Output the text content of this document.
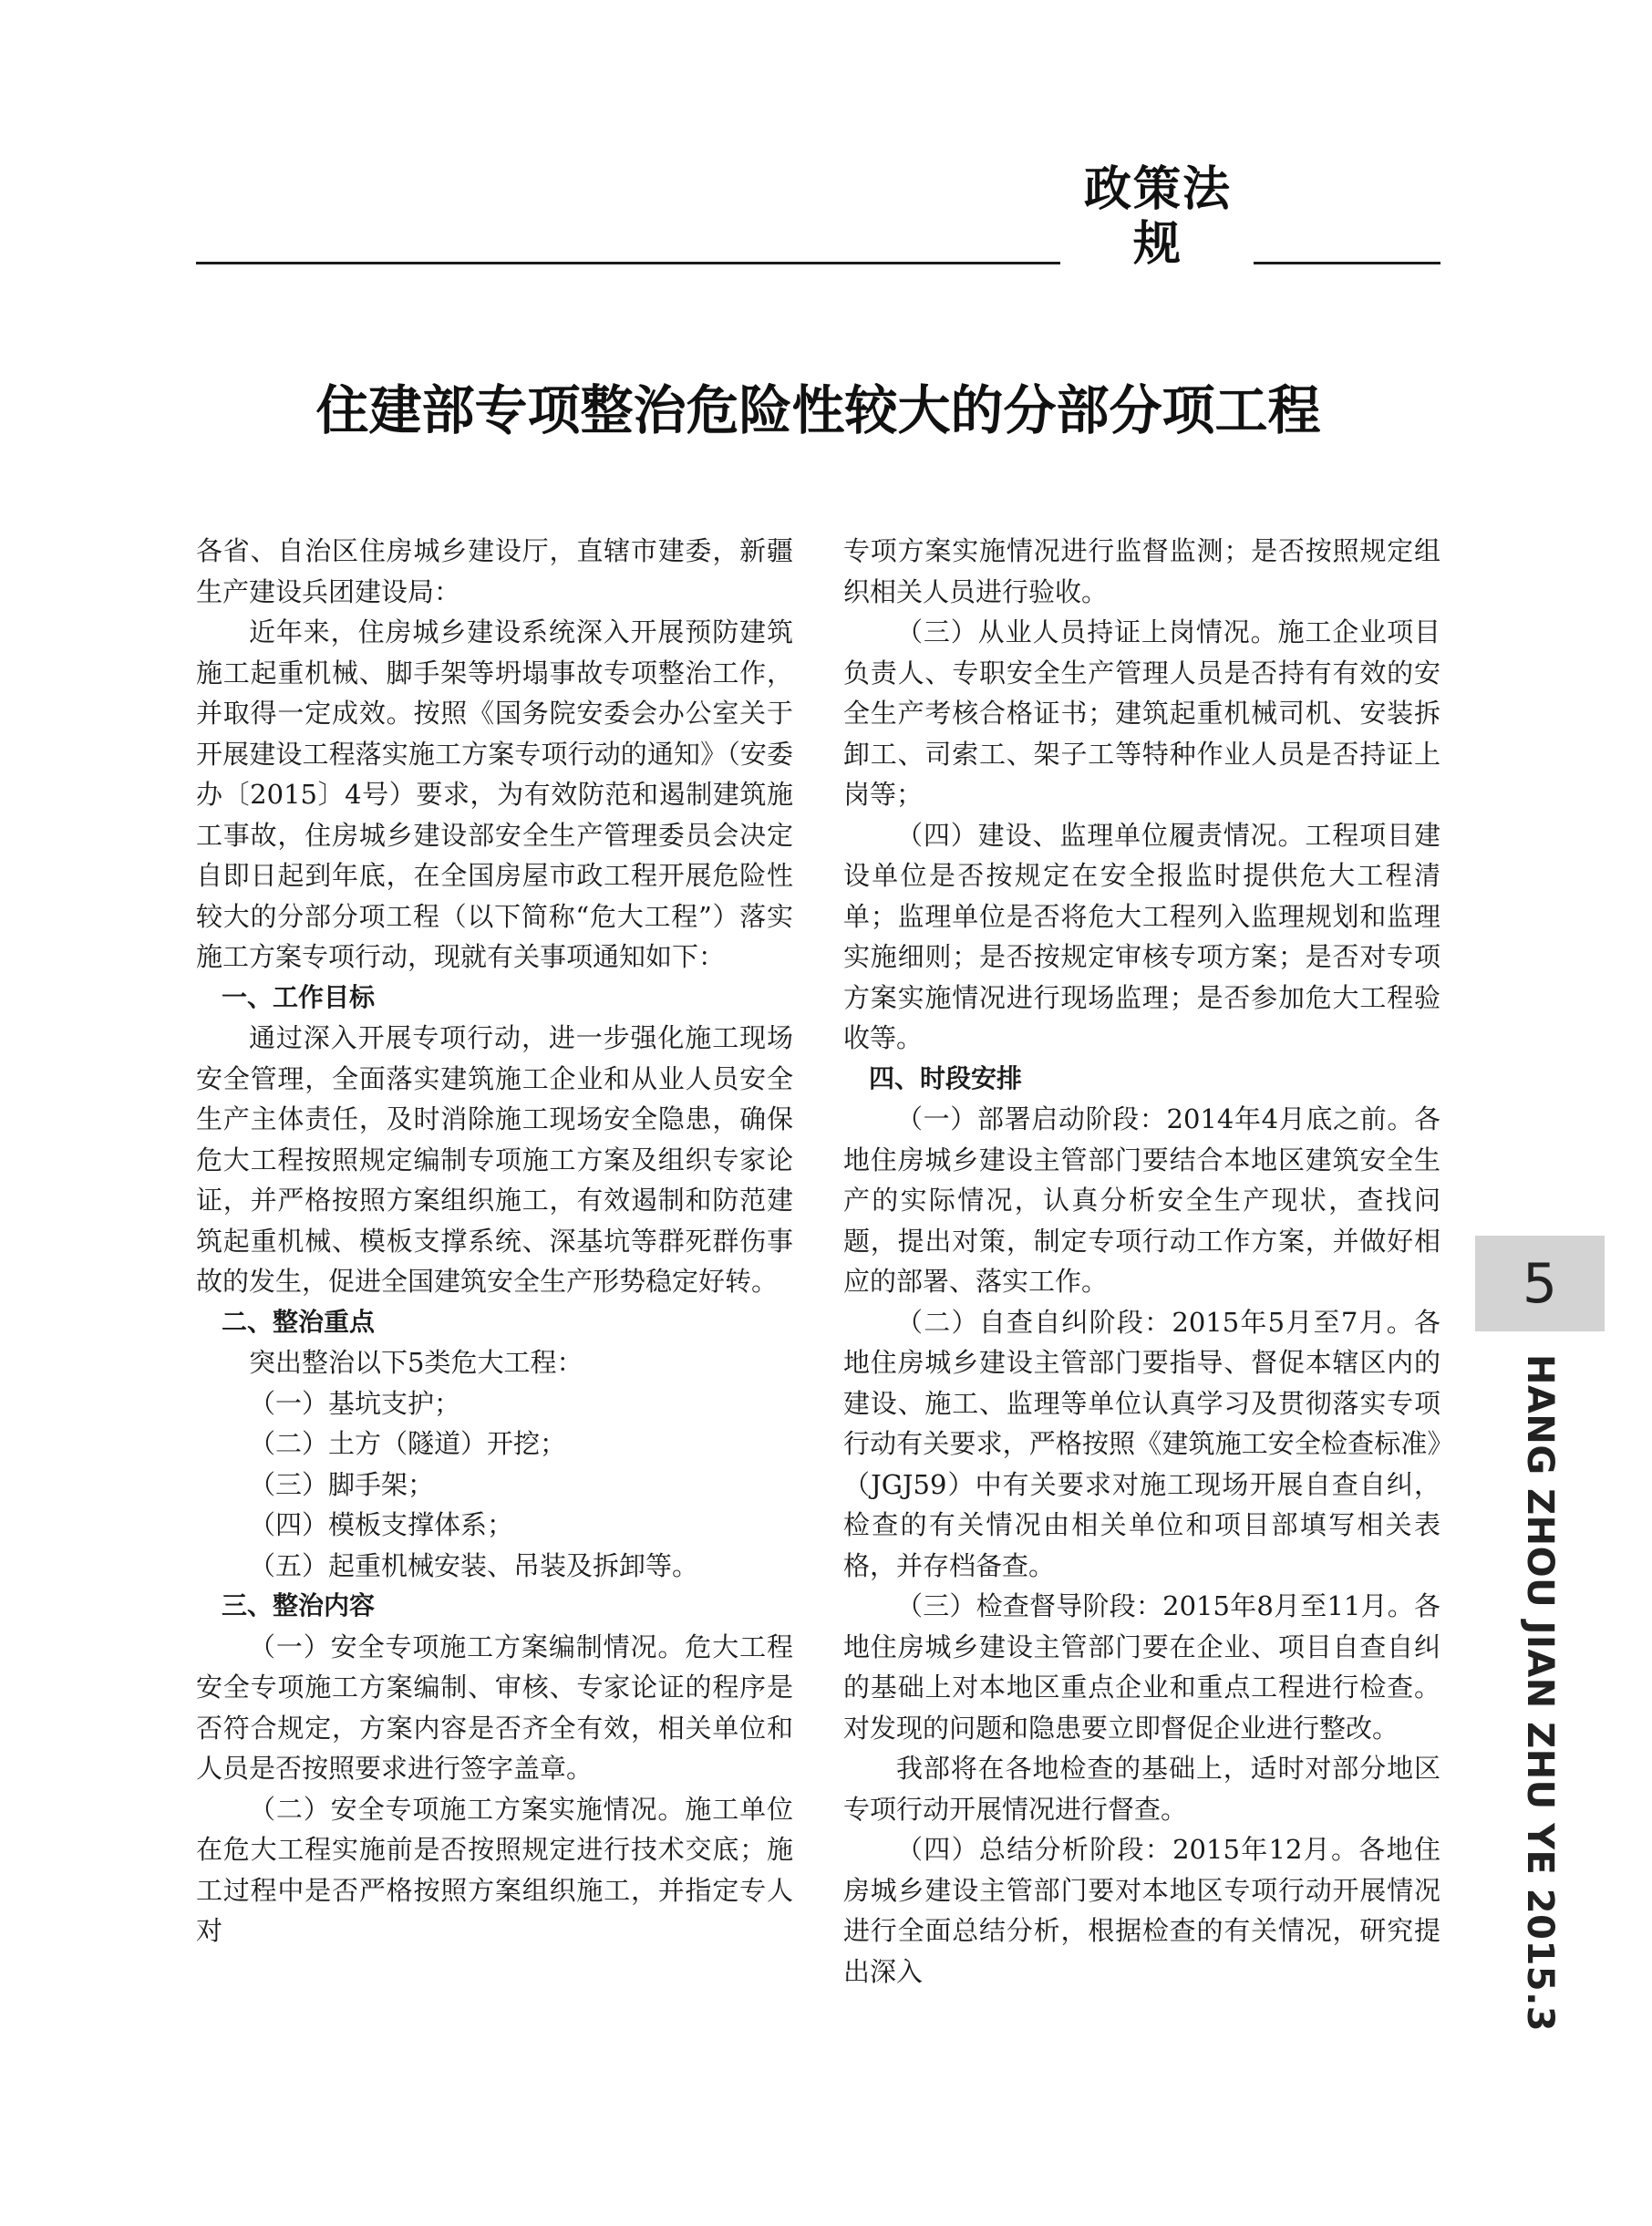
政策法规
住建部专项整治危险性较大的分部分项工程

各省、自治区住房城乡建设厅，直辖市建委，新疆生产建设兵团建设局：

近年来，住房城乡建设系统深入开展预防建筑施工起重机械、脚手架等坍塌事故专项整治工作，并取得一定成效。按照《国务院安委会办公室关于开展建设工程落实施工方案专项行动的通知》（安委办〔2015〕4号）要求，为有效防范和遏制建筑施工事故，住房城乡建设部安全生产管理委员会决定自即日起到年底，在全国房屋市政工程开展危险性较大的分部分项工程（以下简称“危大工程”）落实施工方案专项行动，现就有关事项通知如下：

一、工作目标

通过深入开展专项行动，进一步强化施工现场安全管理，全面落实建筑施工企业和从业人员安全生产主体责任，及时消除施工现场安全隐患，确保危大工程按照规定编制专项施工方案及组织专家论证，并严格按照方案组织施工，有效遏制和防范建筑起重机械、模板支撑系统、深基坑等群死群伤事故的发生，促进全国建筑安全生产形势稳定好转。

二、整治重点

突出整治以下5类危大工程：

（一）基坑支护；

（二）土方（隧道）开挖；

（三）脚手架；

（四）模板支撑体系；

（五）起重机械安装、吊装及拆卸等。

三、整治内容

（一）安全专项施工方案编制情况。危大工程安全专项施工方案编制、审核、专家论证的程序是否符合规定，方案内容是否齐全有效，相关单位和人员是否按照要求进行签字盖章。

（二）安全专项施工方案实施情况。施工单位在危大工程实施前是否按照规定进行技术交底；施工过程中是否严格按照方案组织施工，并指定专人对

专项方案实施情况进行监督监测；是否按照规定组织相关人员进行验收。

（三）从业人员持证上岗情况。施工企业项目负责人、专职安全生产管理人员是否持有有效的安全生产考核合格证书；建筑起重机械司机、安装拆卸工、司索工、架子工等特种作业人员是否持证上岗等；

（四）建设、监理单位履责情况。工程项目建设单位是否按规定在安全报监时提供危大工程清单；监理单位是否将危大工程列入监理规划和监理实施细则；是否按规定审核专项方案；是否对专项方案实施情况进行现场监理；是否参加危大工程验收等。

四、时段安排

（一）部署启动阶段：2014年4月底之前。各地住房城乡建设主管部门要结合本地区建筑安全生产的实际情况，认真分析安全生产现状，查找问题，提出对策，制定专项行动工作方案，并做好相应的部署、落实工作。

（二）自查自纠阶段：2015年5月至7月。各地住房城乡建设主管部门要指导、督促本辖区内的建设、施工、监理等单位认真学习及贯彻落实专项行动有关要求，严格按照《建筑施工安全检查标准》（JGJ59）中有关要求对施工现场开展自查自纠，检查的有关情况由相关单位和项目部填写相关表格，并存档备查。

（三）检查督导阶段：2015年8月至11月。各地住房城乡建设主管部门要在企业、项目自查自纠的基础上对本地区重点企业和重点工程进行检查。对发现的问题和隐患要立即督促企业进行整改。

我部将在各地检查的基础上，适时对部分地区专项行动开展情况进行督查。

（四）总结分析阶段：2015年12月。各地住房城乡建设主管部门要对本地区专项行动开展情况进行全面总结分析，根据检查的有关情况，研究提出深入

5
HANG ZHOU JIAN ZHU YE 2015.3
